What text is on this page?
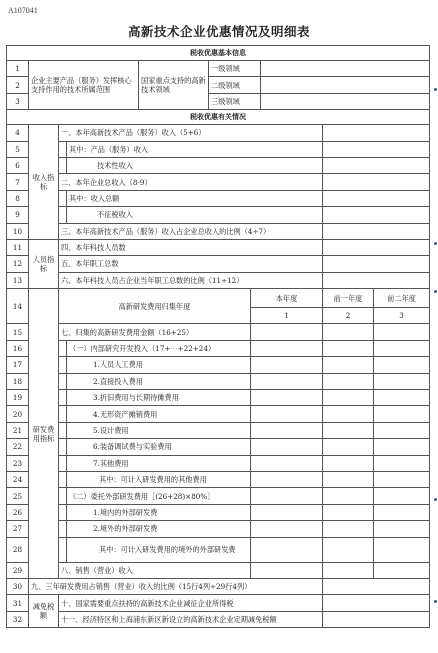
A107041
高新技术企业优惠情况及明细表
税收优惠基本信息										
1	企业主要产品（服务）发挥核心支持作用的技术所属范围			国家重点支持的高新技术领域	一级领域					
2					二级领域					
3					三级领域					
税收优惠有关情况										
4	收入指标	一、本年高新技术产品（服务）收入（5+6）								
5			其中：产品（服务）收入							
6			技术性收入							
7		二、本年企业总收入（8-9）								
8			其中：收入总额							
9			不征税收入							
10		三、本年高新技术产品（服务）收入占企业总收入的比例（4÷7）								
11	人员指标	四、本年科技人员数								
12		五、本年职工总数								
13		六、本年科技人员占企业当年职工总数的比例（11÷12）								
14	研发费用指标	高新研发费用归集年度				本年度		前一年度	前二年度	
						1		2	3	
15		七、归集的高新研发费用金额（16+25）								
16			（一）内部研究开发投入（17+⋯+22+24）							
17			1.人员人工费用							
18			2.直接投入费用							
19			3.折旧费用与长期待摊费用							
20			4.无形资产摊销费用							
21			5.设计费用							
22			6.装备调试费与实验费用							
23			7.其他费用							
24			其中：可计入研发费用的其他费用							
25			（二）委托外部研发费用［(26+28)×80%］							
26			1.境内的外部研发费							
27			2.境外的外部研发费							
28			其中：可计入研发费用的境外的外部研发费							
29		八、销售（营业）收入								
30	九、三年研发费用占销售（营业）收入的比例（15行4列÷29行4列）									
31	减免税额	十、国家需要重点扶持的高新技术企业减征企业所得税								
32		十一、经济特区和上海浦东新区新设立的高新技术企业定期减免税额								
